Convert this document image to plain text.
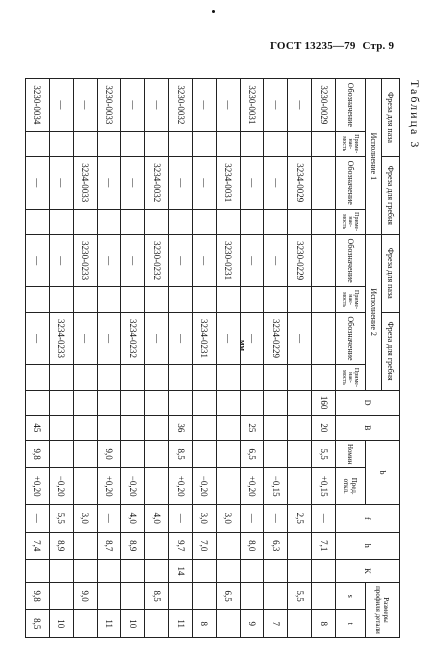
ГОСТ 13235—79 Стр. 9
Таблица 3
мм
Фреза для паза		Фреза для гребня		Фреза для паза		Фреза для гребня		D	B	b		f	h	K	Размеры профиля детали	
Исполнение 1				Исполнение 2												
Обозначение	Применаемость	Обозначение	Применаемость	Обозначение	Применаемость	Обозначение	Применаемость			Номин	Пред. откл.				s	t
3230-0029								160	20	5,5	+0,15	—	7,1			8
—		3234-0029		3230-0229		—						2,5			5,5	
—		—		—		3234-0229					−0,15	—	6,3			7
3230-0031		—		—		—			25	6,5	+0,20	—	8,0			9
—		3234-0031		3230-0231		—						3,0			6,5	
—		—		—		3234-0231					−0,20	3,0	7,0			8
3230-0032		—		—		—			36	8,5	+0,20	—	9,7	14		11
—		3234-0032		3230-0232		—						4,0			8,5	
—		—		—		3234-0232					−0,20	4,0	8,9			10
3230-0033		—		—		—				9,0	+0,20	—	8,7			11
—		3234-0033		3230-0233		—						3,0			9,0	
—		—		—		3234-0233					−0,20	5,5	8,9			10
3230-0034		—		—		—			45	9,8	+0,20	—	7,4		9,8	8,5
